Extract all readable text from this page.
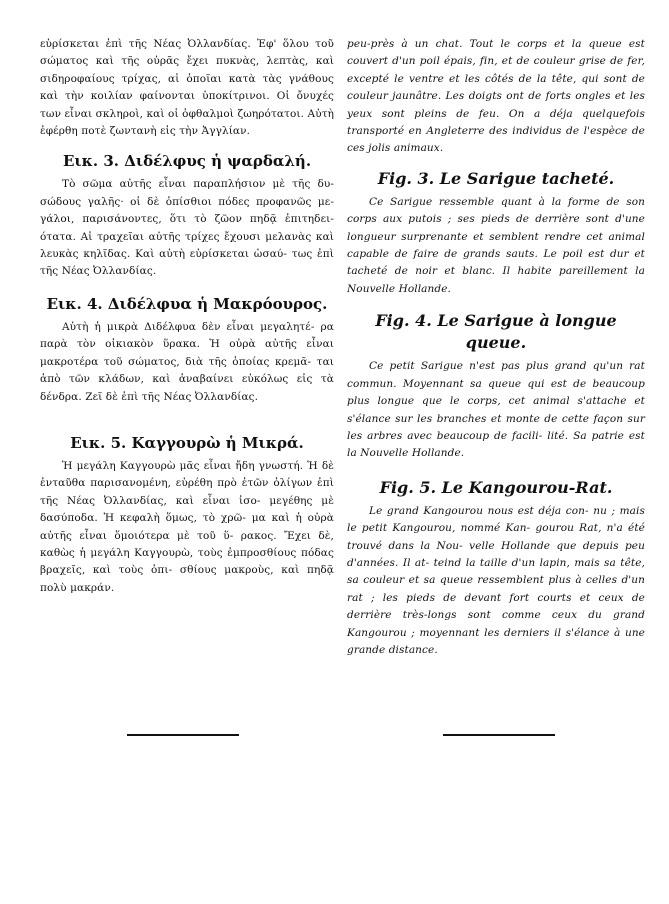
εὑρίσκεται ἐπὶ τῆς Νέας Ὀλλανδίας. Ἐφ' ὅλου τοῦ σώματος καὶ τῆς οὐρᾶς ἔχει πυκνὰς, λεπτὰς, καὶ σιδηροφαίους τρίχας, αἱ ὁποῖαι κατὰ τὰς γνάθους καὶ τὴν κοιλίαν φαίνονται ὑποκίτρινοι. Οἱ ὄνυχές των εἶναι σκληροὶ, καὶ οἱ ὀφθαλμοὶ ζωηρότατοι. Αὐτὴ ἐφέρθη ποτὲ ζωντανὴ εἰς τὴν Ἀγγλίαν.

Εικ. 3. Διδέλφυς ἡ ψαρδαλή.

Τὸ σῶμα αὐτῆς εἶναι παραπλήσιον μὲ τῆς δυ- σώδους γαλῆς· οἱ δὲ ὀπίσθιοι πόδες προφανῶς με- γάλοι, παρισάνοντες, ὅτι τὸ ζῶον πηδᾷ ἐπιτηδει- ότατα. Αἱ τραχεῖαι αὐτῆς τρίχες ἔχουσι μελανὰς καὶ λευκὰς κηλῖδας. Καὶ αὐτὴ εὑρίσκεται ὡσαύ- τως ἐπὶ τῆς Νέας Ὀλλανδίας.

Εικ. 4. Διδέλφυα ἡ Μακρόουρος.

Αὐτὴ ἡ μικρὰ Διδέλφυα δὲν εἶναι μεγαλητέ- ρα παρὰ τὸν οἰκιακὸν ὕρακα. Ἡ οὐρὰ αὐτῆς εἶναι μακροτέρα τοῦ σώματος, διὰ τῆς ὁποίας κρεμᾶ- ται ἀπὸ τῶν κλάδων, καὶ ἀναβαίνει εὐκόλως εἰς τὰ δένδρα. Ζεῖ δὲ ἐπὶ τῆς Νέας Ὀλλανδίας.

Εικ. 5. Καγγουρὼ ἡ Μικρά.

Ἡ μεγάλη Καγγουρὼ μᾶς εἶναι ἤδη γνωστή. Ἡ δὲ ἐνταῦθα παρισανομένη, εὑρέθη πρὸ ἐτῶν ὀλίγων ἐπὶ τῆς Νέας Ὀλλανδίας, καὶ εἶναι ἰσο- μεγέθης μὲ δασύποδα. Ἡ κεφαλὴ ὅμως, τὸ χρῶ- μα καὶ ἡ οὐρὰ αὐτῆς εἶναι ὅμοιότερα μὲ τοῦ ὕ- ρακος. Ἔχει δὲ, καθὼς ἡ μεγάλη Καγγουρὼ, τοὺς ἐμπροσθίους πόδας βραχεῖς, καὶ τοὺς ὀπι- σθίους μακροὺς, καὶ πηδᾷ πολὺ μακράν.

peu-près à un chat. Tout le corps et la queue est couvert d'un poil épais, fin, et de couleur grise de fer, excepté le ventre et les côtés de la tête, qui sont de couleur jaunâtre. Les doigts ont de forts ongles et les yeux sont pleins de feu. On a déja quelquefois transporté en Angleterre des individus de l'espèce de ces jolis animaux.

Fig. 3. Le Sarigue tacheté.

Ce Sarigue ressemble quant à la forme de son corps aux putois ; ses pieds de derrière sont d'une longueur surprenante et semblent rendre cet animal capable de faire de grands sauts. Le poil est dur et tacheté de noir et blanc. Il habite pareillement la Nouvelle Hollande.

Fig. 4. Le Sarigue à longue queue.

Ce petit Sarigue n'est pas plus grand qu'un rat commun. Moyennant sa queue qui est de beaucoup plus longue que le corps, cet animal s'attache et s'élance sur les branches et monte de cette façon sur les arbres avec beaucoup de facili- lité. Sa patrie est la Nouvelle Hollande.

Fig. 5. Le Kangourou-Rat.

Le grand Kangourou nous est déja con- nu ; mais le petit Kangourou, nommé Kan- gourou Rat, n'a été trouvé dans la Nou- velle Hollande que depuis peu d'années. Il at- teind la taille d'un lapin, mais sa tête, sa couleur et sa queue ressemblent plus à celles d'un rat ; les pieds de devant fort courts et ceux de derrière très-longs sont comme ceux du grand Kangourou ; moyennant les derniers il s'élance à une grande distance.
